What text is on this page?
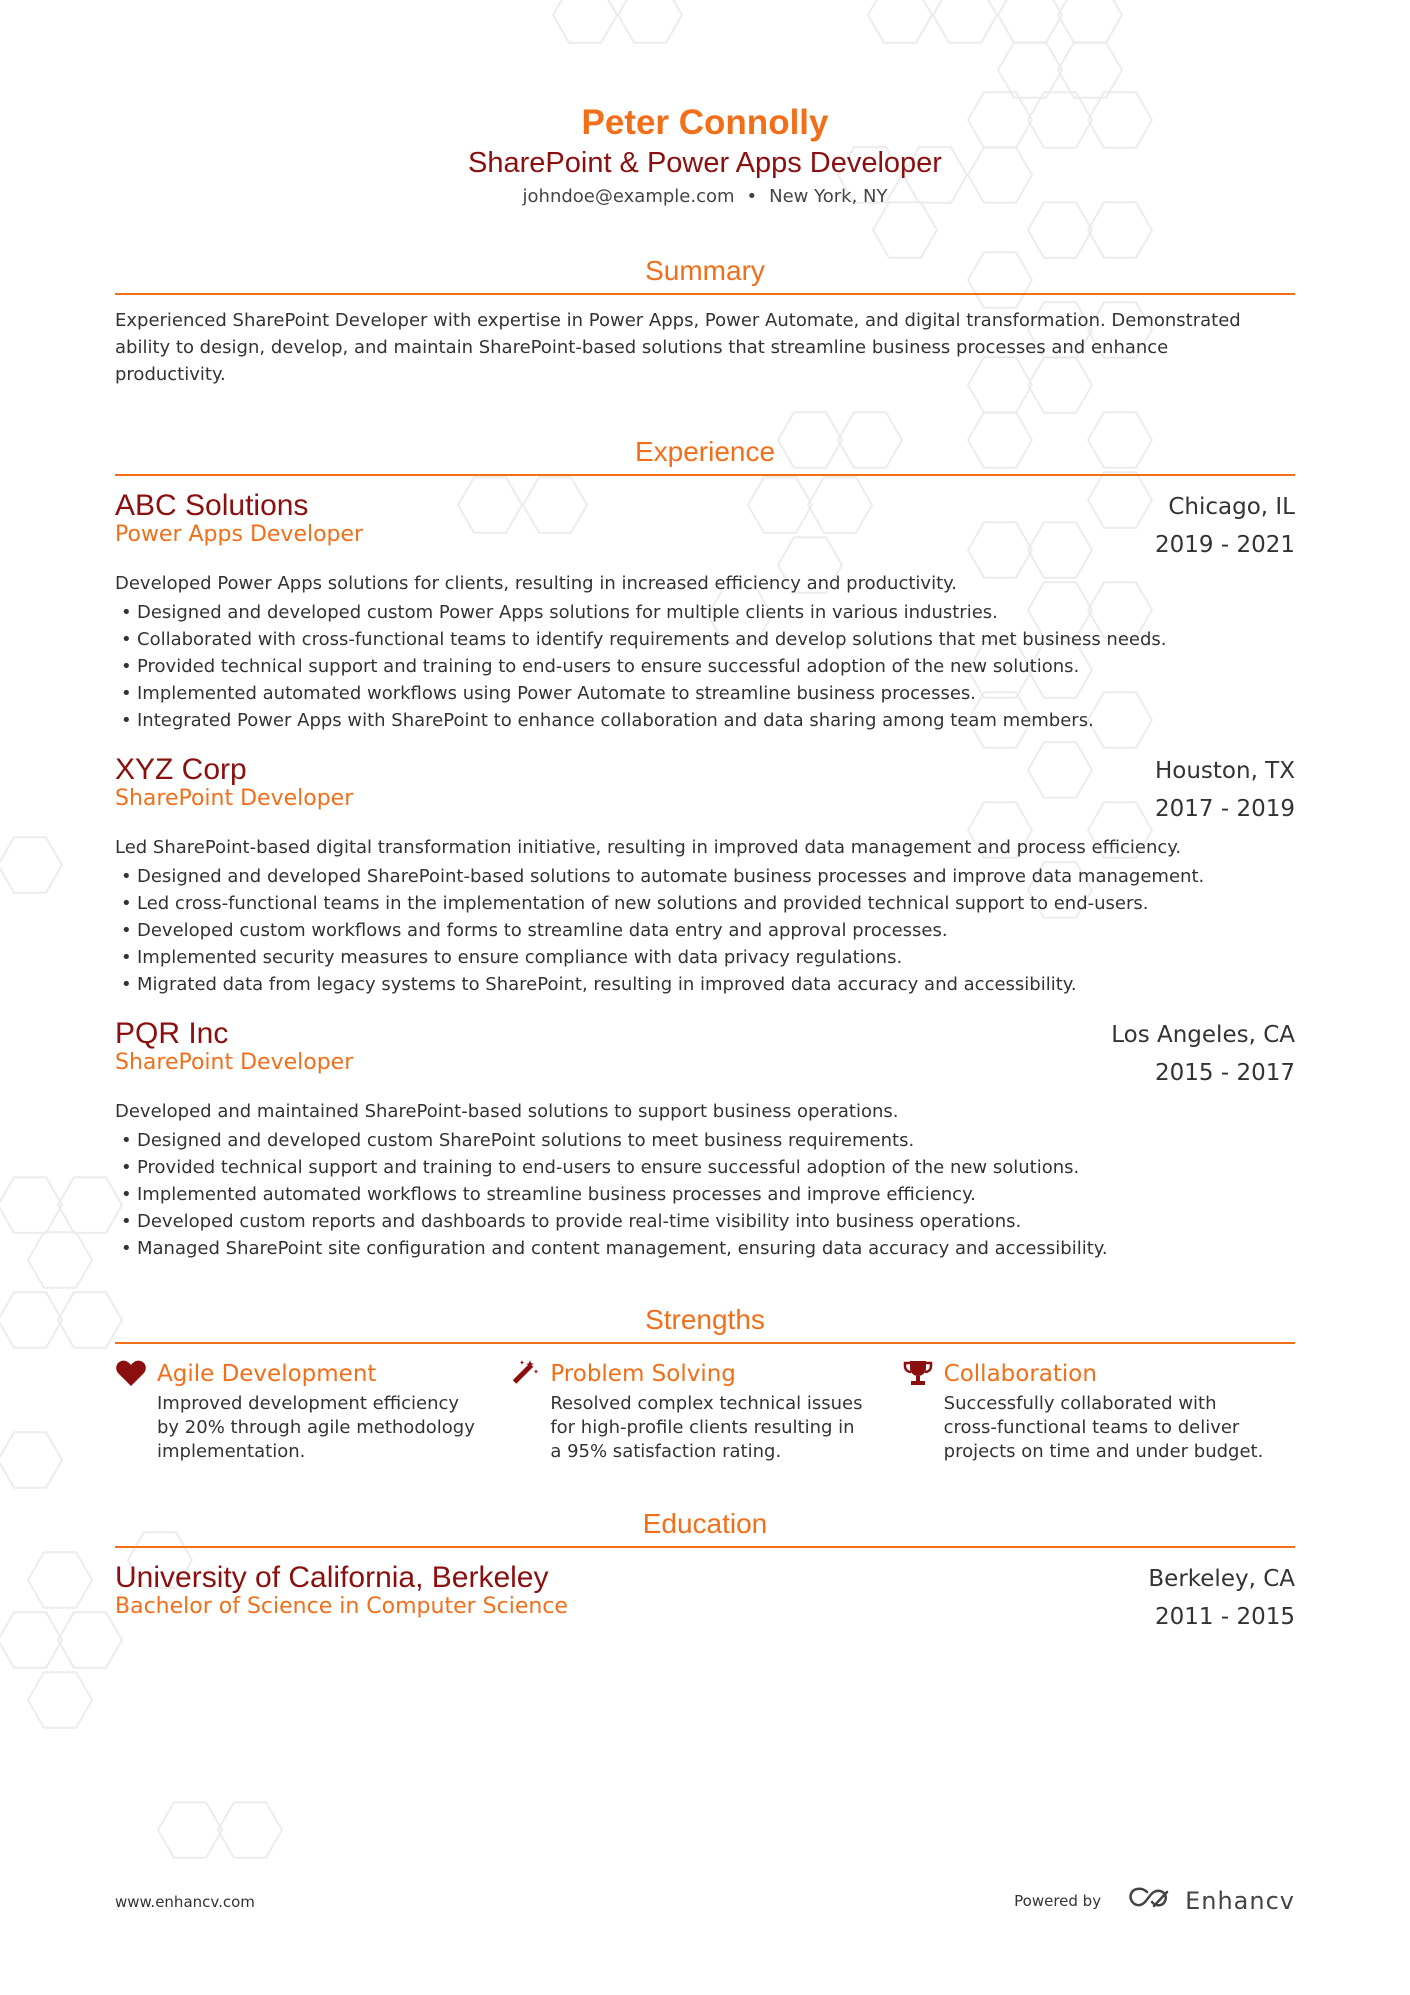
Peter Connolly
SharePoint & Power Apps Developer
johndoe@example.com • New York, NY
Summary
Experienced SharePoint Developer with expertise in Power Apps, Power Automate, and digital transformation. Demonstrated ability to design, develop, and maintain SharePoint-based solutions that streamline business processes and enhance productivity.
Experience
ABC Solutions
Power Apps Developer
Chicago, IL
2019 - 2021
Developed Power Apps solutions for clients, resulting in increased efficiency and productivity.
• Designed and developed custom Power Apps solutions for multiple clients in various industries.
• Collaborated with cross-functional teams to identify requirements and develop solutions that met business needs.
• Provided technical support and training to end-users to ensure successful adoption of the new solutions.
• Implemented automated workflows using Power Automate to streamline business processes.
• Integrated Power Apps with SharePoint to enhance collaboration and data sharing among team members.
XYZ Corp
SharePoint Developer
Houston, TX
2017 - 2019
Led SharePoint-based digital transformation initiative, resulting in improved data management and process efficiency.
• Designed and developed SharePoint-based solutions to automate business processes and improve data management.
• Led cross-functional teams in the implementation of new solutions and provided technical support to end-users.
• Developed custom workflows and forms to streamline data entry and approval processes.
• Implemented security measures to ensure compliance with data privacy regulations.
• Migrated data from legacy systems to SharePoint, resulting in improved data accuracy and accessibility.
PQR Inc
SharePoint Developer
Los Angeles, CA
2015 - 2017
Developed and maintained SharePoint-based solutions to support business operations.
• Designed and developed custom SharePoint solutions to meet business requirements.
• Provided technical support and training to end-users to ensure successful adoption of the new solutions.
• Implemented automated workflows to streamline business processes and improve efficiency.
• Developed custom reports and dashboards to provide real-time visibility into business operations.
• Managed SharePoint site configuration and content management, ensuring data accuracy and accessibility.
Strengths
Agile Development
Improved development efficiency by 20% through agile methodology implementation.
Problem Solving
Resolved complex technical issues for high-profile clients resulting in a 95% satisfaction rating.
Collaboration
Successfully collaborated with cross-functional teams to deliver projects on time and under budget.
Education
University of California, Berkeley
Bachelor of Science in Computer Science
Berkeley, CA
2011 - 2015
www.enhancv.com	Powered by	Enhancv
